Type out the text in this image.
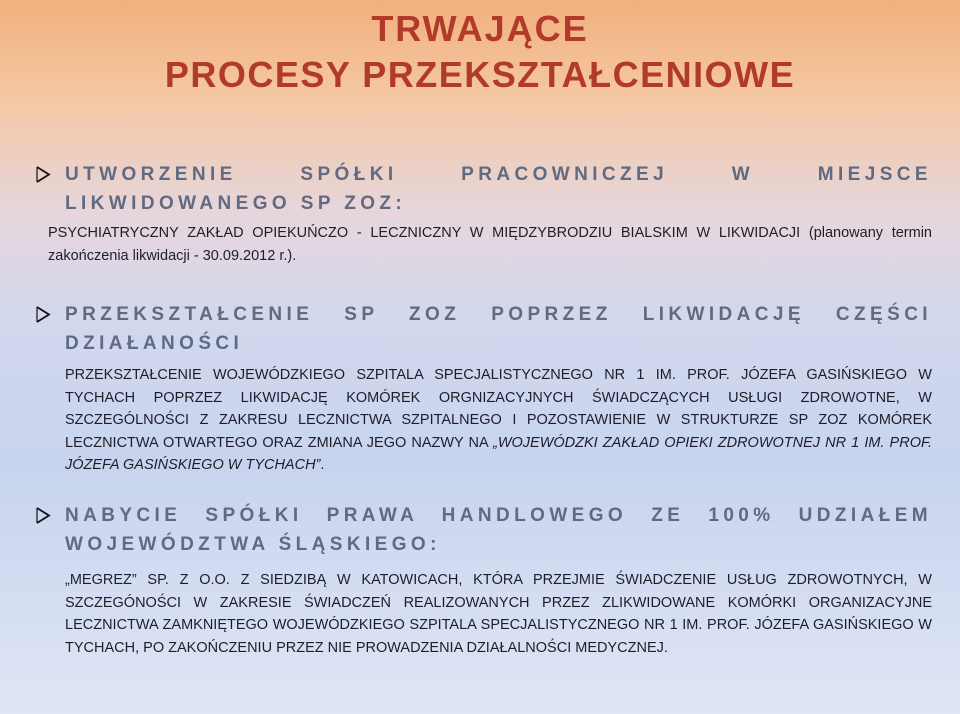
TRWAJĄCE

PROCESY PRZEKSZTAŁCENIOWE
UTWORZENIE SPÓŁKI PRACOWNICZEJ W MIEJSCE LIKWIDOWANEGO SP ZOZ:
PSYCHIATRYCZNY ZAKŁAD OPIEKUŃCZO - LECZNICZNY W MIĘDZYBRODZIU BIALSKIM W LIKWIDACJI (planowany termin zakończenia likwidacji - 30.09.2012 r.).
PRZEKSZTAŁCENIE SP ZOZ POPRZEZ LIKWIDACJĘ CZĘŚCI DZIAŁANOŚCI
PRZEKSZTAŁCENIE WOJEWÓDZKIEGO SZPITALA SPECJALISTYCZNEGO NR 1 IM. PROF. JÓZEFA GASIŃSKIEGO W TYCHACH POPRZEZ LIKWIDACJĘ KOMÓREK ORGNIZACYJNYCH ŚWIADCZĄCYCH USŁUGI ZDROWOTNE, W SZCZEGÓLNOŚCI Z ZAKRESU LECZNICTWA SZPITALNEGO I POZOSTAWIENIE W STRUKTURZE SP ZOZ KOMÓREK LECZNICTWA OTWARTEGO ORAZ ZMIANA JEGO NAZWY NA „WOJEWÓDZKI ZAKŁAD OPIEKI ZDROWOTNEJ NR 1 IM. PROF. JÓZEFA GASIŃSKIEGO W TYCHACH”.
NABYCIE SPÓŁKI PRAWA HANDLOWEGO ZE 100% UDZIAŁEM WOJEWÓDZTWA ŚLĄSKIEGO:
„MEGREZ” SP. Z O.O. Z SIEDZIBĄ W KATOWICACH, KTÓRA PRZEJMIE ŚWIADCZENIE USŁUG ZDROWOTNYCH, W SZCZEGÓNOŚCI W ZAKRESIE ŚWIADCZEŃ REALIZOWANYCH PRZEZ ZLIKWIDOWANE KOMÓRKI ORGANIZACYJNE LECZNICTWA ZAMKNIĘTEGO WOJEWÓDZKIEGO SZPITALA SPECJALISTYCZNEGO NR 1 IM. PROF. JÓZEFA GASIŃSKIEGO W TYCHACH, PO ZAKOŃCZENIU PRZEZ NIE PROWADZENIA DZIAŁALNOŚCI MEDYCZNEJ.
